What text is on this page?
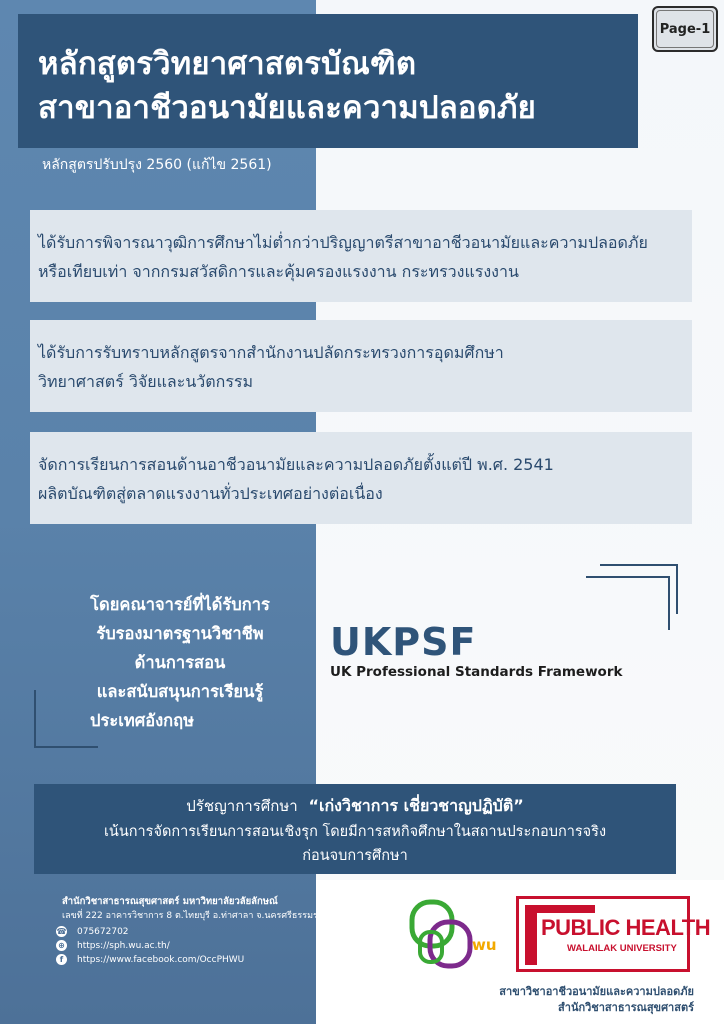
หลักสูตรวิทยาศาสตรบัณฑิต
สาขาอาชีวอนามัยและความปลอดภัย
Page-1
หลักสูตรปรับปรุง 2560 (แก้ไข 2561)

ได้รับการพิจารณาวุฒิการศึกษาไม่ต่ำกว่าปริญญาตรีสาขาอาชีวอนามัยและความปลอดภัย

หรือเทียบเท่า จากกรมสวัสดิการและคุ้มครองแรงงาน กระทรวงแรงงาน

ได้รับการรับทราบหลักสูตรจากสำนักงานปลัดกระทรวงการอุดมศึกษา

วิทยาศาสตร์ วิจัยและนวัตกรรม

จัดการเรียนการสอนด้านอาชีวอนามัยและความปลอดภัยตั้งแต่ปี พ.ศ. 2541

ผลิตบัณฑิตสู่ตลาดแรงงานทั่วประเทศอย่างต่อเนื่อง

โดยคณาจารย์ที่ได้รับการ
รับรองมาตรฐานวิชาชีพ
ด้านการสอน
และสนับสนุนการเรียนรู้
ประเทศอังกฤษ
UKPSF
UK Professional Standards Framework
ปรัชญาการศึกษา “เก่งวิชาการ เชี่ยวชาญปฏิบัติ”
เน้นการจัดการเรียนการสอนเชิงรุก โดยมีการสหกิจศึกษาในสถานประกอบการจริง
ก่อนจบการศึกษา
สำนักวิชาสาธารณสุขศาสตร์ มหาวิทยาลัยวลัยลักษณ์
เลขที่ 222 อาคารวิชาการ 8 ต.ไทยบุรี อ.ท่าศาลา จ.นครศรีธรรมราช
☎ 075672702
⊕ https://sph.wu.ac.th/
f	https://www.facebook.com/OccPHWU
wu
PUBLIC HEALTH
WALAILAK UNIVERSITY
สาขาวิชาอาชีวอนามัยและความปลอดภัย
สำนักวิชาสาธารณสุขศาสตร์
